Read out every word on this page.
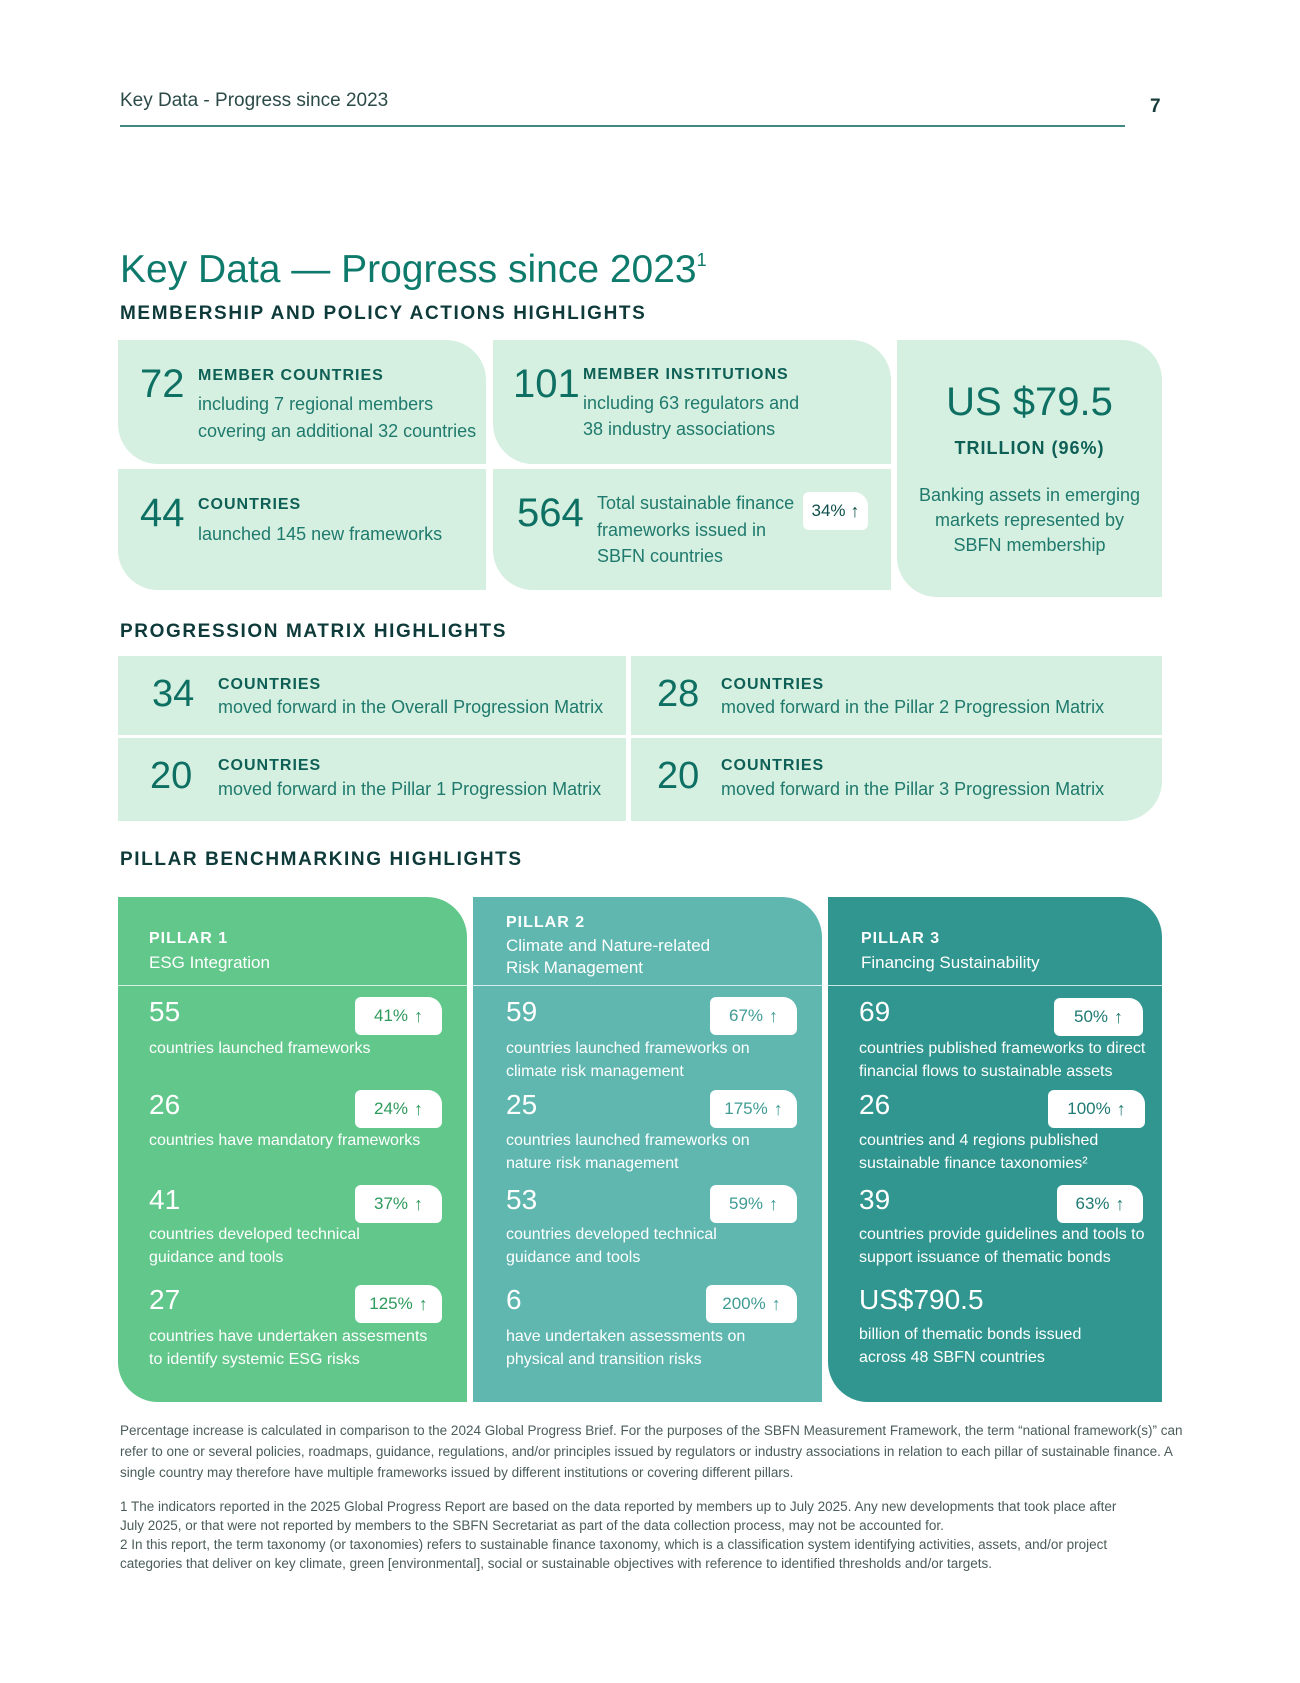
Key Data - Progress since 2023	7
Key Data — Progress since 2023$^1$
MEMBERSHIP AND POLICY ACTIONS HIGHLIGHTS
72 MEMBER COUNTRIES
including 7 regional members
covering an additional 32 countries
101 MEMBER INSTITUTIONS
including 63 regulators and
38 industry associations
US $79.5
TRILLION (96%)
Banking assets in emerging
markets represented by
SBFN membership
44 COUNTRIES
launched 145 new frameworks 564 Total sustainable finance
frameworks issued in
SBFN countries
34% ↑
PROGRESSION MATRIX HIGHLIGHTS
34 COUNTRIES
moved forward in the Overall Progression Matrix 28 COUNTRIES
moved forward in the Pillar 2 Progression Matrix
20 COUNTRIES
moved forward in the Pillar 1 Progression Matrix 20 COUNTRIES
moved forward in the Pillar 3 Progression Matrix
PILLAR BENCHMARKING HIGHLIGHTS
PILLAR 1
ESG Integration
55	41% ↑
countries launched frameworks
26	24% ↑
countries have mandatory frameworks
41	37% ↑
countries developed technical
guidance and tools
27	125% ↑
countries have undertaken assesments
to identify systemic ESG risks
PILLAR 2
Climate and Nature-related
Risk Management
59	67% ↑
countries launched frameworks on
climate risk management
25	175% ↑
countries launched frameworks on
nature risk management
53	59% ↑
countries developed technical
guidance and tools
6	200% ↑
have undertaken assessments on
physical and transition risks
PILLAR 3
Financing Sustainability
69	50% ↑
countries published frameworks to direct
financial flows to sustainable assets
26	100% ↑
countries and 4 regions published
sustainable finance taxonomies²
39	63% ↑
countries provide guidelines and tools to
support issuance of thematic bonds
US$790.5
billion of thematic bonds issued
across 48 SBFN countries
Percentage increase is calculated in comparison to the 2024 Global Progress Brief. For the purposes of the SBFN Measurement Framework, the term “national framework(s)” can
refer to one or several policies, roadmaps, guidance, regulations, and/or principles issued by regulators or industry associations in relation to each pillar of sustainable finance. A
single country may therefore have multiple frameworks issued by different institutions or covering different pillars.
1 The indicators reported in the 2025 Global Progress Report are based on the data reported by members up to July 2025. Any new developments that took place after
July 2025, or that were not reported by members to the SBFN Secretariat as part of the data collection process, may not be accounted for.
2 In this report, the term taxonomy (or taxonomies) refers to sustainable finance taxonomy, which is a classification system identifying activities, assets, and/or project
categories that deliver on key climate, green [environmental], social or sustainable objectives with reference to identified thresholds and/or targets.
